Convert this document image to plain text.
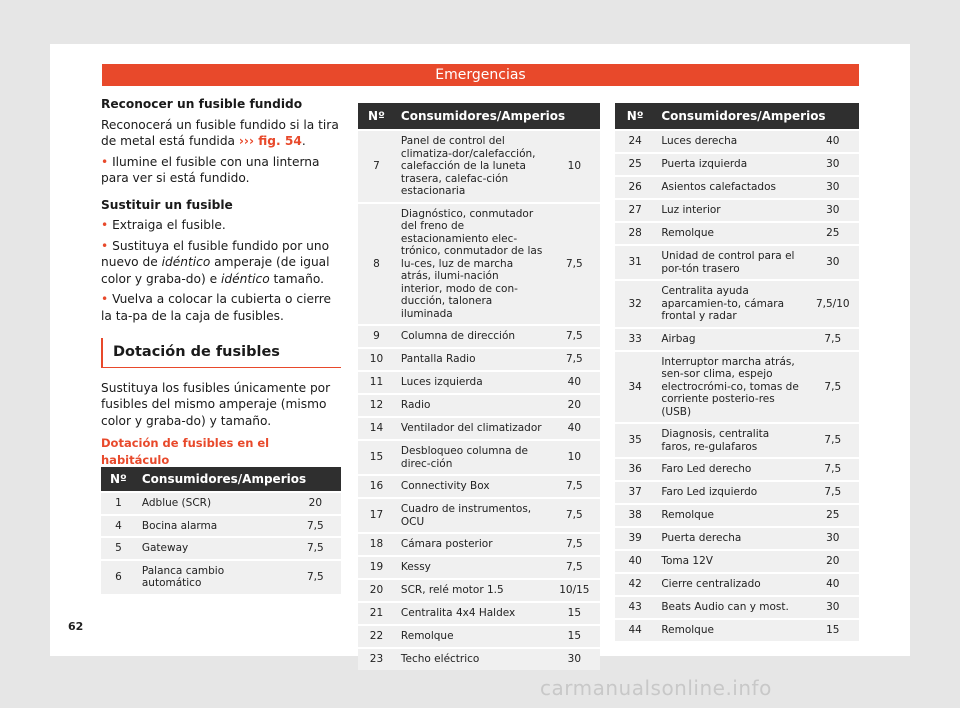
Emergencias

Reconocer un fusible fundido

Reconocerá un fusible fundido si la tira de metal está fundida ››› fig. 54.

• Ilumine el fusible con una linterna para ver si está fundido.

Sustituir un fusible

• Extraiga el fusible.

• Sustituya el fusible fundido por uno nuevo de idéntico amperaje (de igual color y graba-do) e idéntico tamaño.

• Vuelva a colocar la cubierta o cierre la ta-pa de la caja de fusibles.

Dotación de fusibles

Sustituya los fusibles únicamente por fusibles del mismo amperaje (mismo color y graba-do) y tamaño.

Dotación de fusibles en el habitáculo

Nº	Consumidores/Amperios	
1	Adblue (SCR)	20
4	Bocina alarma	7,5
5	Gateway	7,5
6	Palanca cambio automático	7,5
Nº	Consumidores/Amperios	
7	Panel de control del climatiza-dor/calefacción, calefacción de la luneta trasera, calefac-ción estacionaria	10
8	Diagnóstico, conmutador del freno de estacionamiento elec-trónico, conmutador de las lu-ces, luz de marcha atrás, ilumi-nación interior, modo de con-ducción, talonera iluminada	7,5
9	Columna de dirección	7,5
10	Pantalla Radio	7,5
11	Luces izquierda	40
12	Radio	20
14	Ventilador del climatizador	40
15	Desbloqueo columna de direc-ción	10
16	Connectivity Box	7,5
17	Cuadro de instrumentos, OCU	7,5
18	Cámara posterior	7,5
19	Kessy	7,5
20	SCR, relé motor 1.5	10/15
21	Centralita 4x4 Haldex	15
22	Remolque	15
23	Techo eléctrico	30
Nº	Consumidores/Amperios	
24	Luces derecha	40
25	Puerta izquierda	30
26	Asientos calefactados	30
27	Luz interior	30
28	Remolque	25
31	Unidad de control para el por-tón trasero	30
32	Centralita ayuda aparcamien-to, cámara frontal y radar	7,5/10
33	Airbag	7,5
34	Interruptor marcha atrás, sen-sor clima, espejo electrocrómi-co, tomas de corriente posterio-res (USB)	7,5
35	Diagnosis, centralita faros, re-gulafaros	7,5
36	Faro Led derecho	7,5
37	Faro Led izquierdo	7,5
38	Remolque	25
39	Puerta derecha	30
40	Toma 12V	20
42	Cierre centralizado	40
43	Beats Audio can y most.	30
44	Remolque	15
62
carmanualsonline.info
